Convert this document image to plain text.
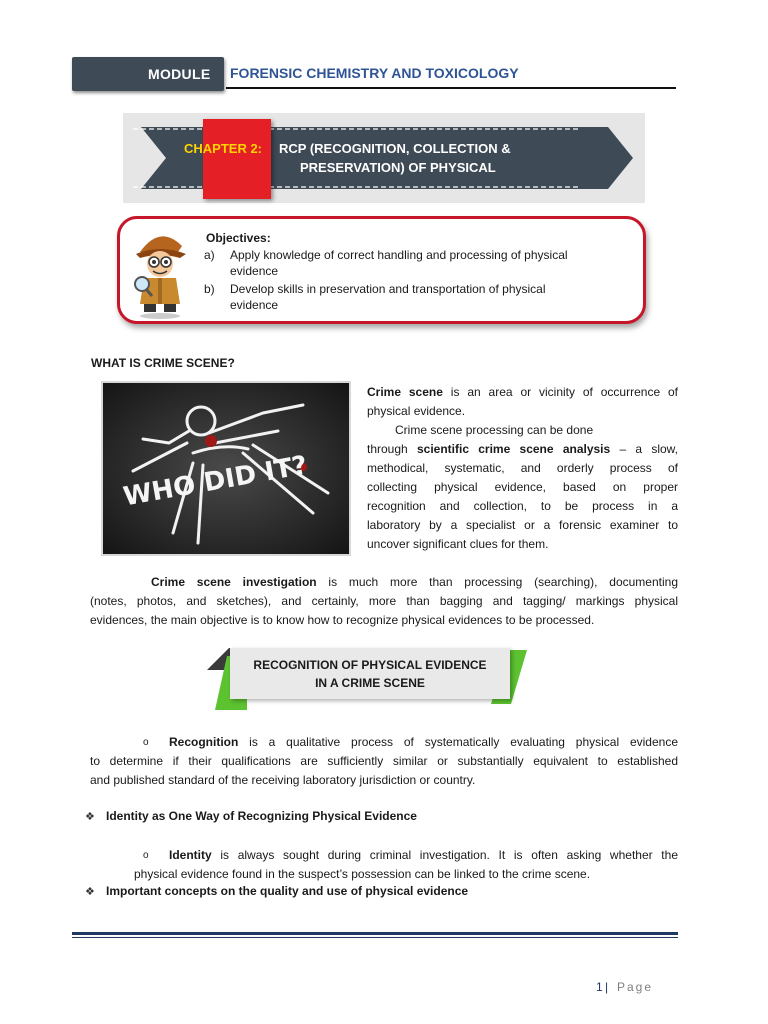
MODULE FORENSIC CHEMISTRY AND TOXICOLOGY
CHAPTER 2: RCP (RECOGNITION, COLLECTION &
PRESERVATION) OF PHYSICAL
Objectives:
a) Apply knowledge of correct handling and processing of physical
evidence
b) Develop skills in preservation and transportation of physical
evidence
WHAT IS CRIME SCENE?
WHO DID IT?
Crime scene is an area or vicinity of occurrence of
physical evidence.
Crime scene processing can be done
through scientific crime scene analysis – a slow,
methodical, systematic, and orderly process of
collecting physical evidence, based on proper
recognition and collection, to be process in a
laboratory by a specialist or a forensic examiner to
uncover significant clues for them.
Crime scene investigation is much more than processing (searching), documenting
(notes, photos, and sketches), and certainly, more than bagging and tagging/ markings physical
evidences, the main objective is to know how to recognize physical evidences to be processed.
RECOGNITION OF PHYSICAL EVIDENCE
IN A CRIME SCENE
o Recognition is a qualitative process of systematically evaluating physical evidence
to determine if their qualifications are sufficiently similar or substantially equivalent to established
and published standard of the receiving laboratory jurisdiction or country.
❖ Identity as One Way of Recognizing Physical Evidence
o Identity is always sought during criminal investigation. It is often asking whether the
physical evidence found in the suspect’s possession can be linked to the crime scene.
❖ Important concepts on the quality and use of physical evidence
1 | Page
